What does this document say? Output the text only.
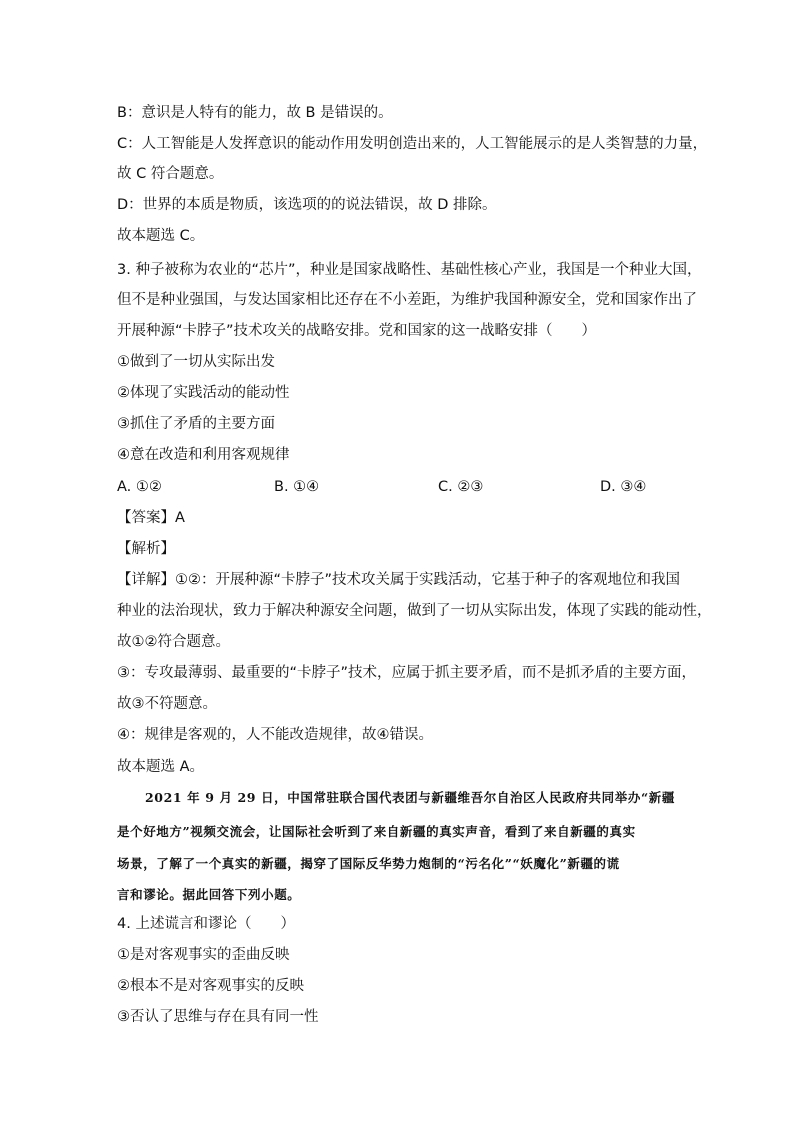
B：意识是人特有的能力，故 B 是错误的。
C：人工智能是人发挥意识的能动作用发明创造出来的，人工智能展示的是人类智慧的力量，
故 C 符合题意。
D：世界的本质是物质，该选项的的说法错误，故 D 排除。
故本题选 C。
3. 种子被称为农业的“芯片”，种业是国家战略性、基础性核心产业，我国是一个种业大国，
但不是种业强国，与发达国家相比还存在不小差距，为维护我国种源安全，党和国家作出了
开展种源“卡脖子”技术攻关的战略安排。党和国家的这一战略安排（　　）
①做到了一切从实际出发
②体现了实践活动的能动性
③抓住了矛盾的主要方面
④意在改造和利用客观规律
A. ①②	B. ①④	C. ②③	D. ③④
【答案】A
【解析】
【详解】①②：开展种源“卡脖子”技术攻关属于实践活动，它基于种子的客观地位和我国
种业的法治现状，致力于解决种源安全问题，做到了一切从实际出发，体现了实践的能动性，
故①②符合题意。
③：专攻最薄弱、最重要的“卡脖子”技术，应属于抓主要矛盾，而不是抓矛盾的主要方面，
故③不符题意。
④：规律是客观的，人不能改造规律，故④错误。
故本题选 A。
2021 年 9 月 29 日，中国常驻联合国代表团与新疆维吾尔自治区人民政府共同举办“新疆
是个好地方”视频交流会，让国际社会听到了来自新疆的真实声音，看到了来自新疆的真实
场景，了解了一个真实的新疆，揭穿了国际反华势力炮制的“污名化”“妖魔化”新疆的谎
言和谬论。据此回答下列小题。
4. 上述谎言和谬论（　　）
①是对客观事实的歪曲反映
②根本不是对客观事实的反映
③否认了思维与存在具有同一性
